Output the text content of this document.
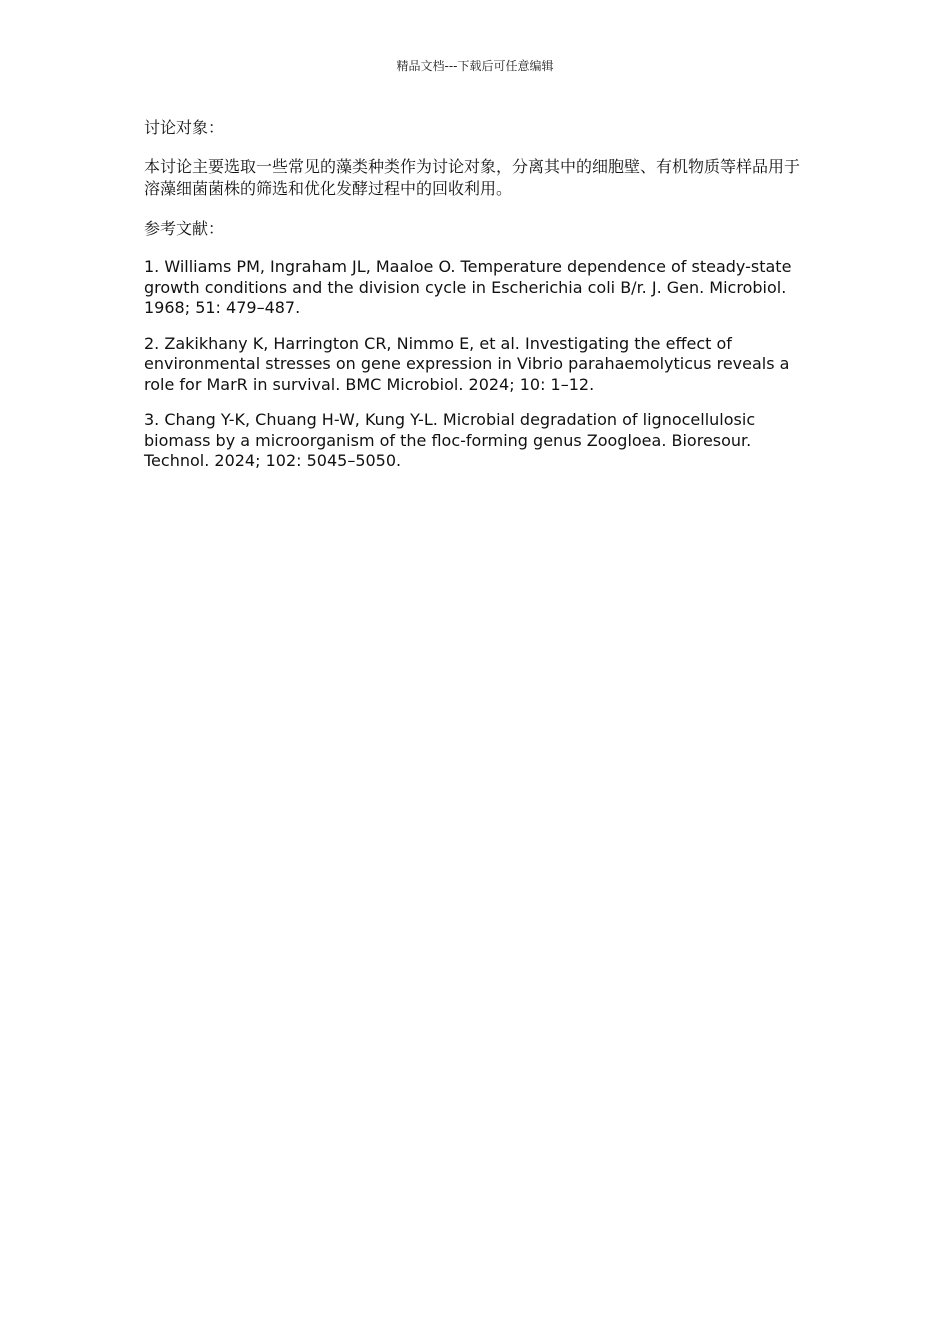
精品文档---下载后可任意编辑

讨论对象：

本讨论主要选取一些常见的藻类种类作为讨论对象，分离其中的细胞壁、有机物质等样品用于溶藻细菌菌株的筛选和优化发酵过程中的回收利用。

参考文献：

1. Williams PM, Ingraham JL, Maaloe O. Temperature dependence of steady-state growth conditions and the division cycle in Escherichia coli B/r. J. Gen. Microbiol. 1968; 51: 479–487.
2. Zakikhany K, Harrington CR, Nimmo E, et al. Investigating the effect of environmental stresses on gene expression in Vibrio parahaemolyticus reveals a role for MarR in survival. BMC Microbiol. 2024; 10: 1–12.
3. Chang Y-K, Chuang H-W, Kung Y-L. Microbial degradation of lignocellulosic biomass by a microorganism of the floc-forming genus Zoogloea. Bioresour. Technol. 2024; 102: 5045–5050.
